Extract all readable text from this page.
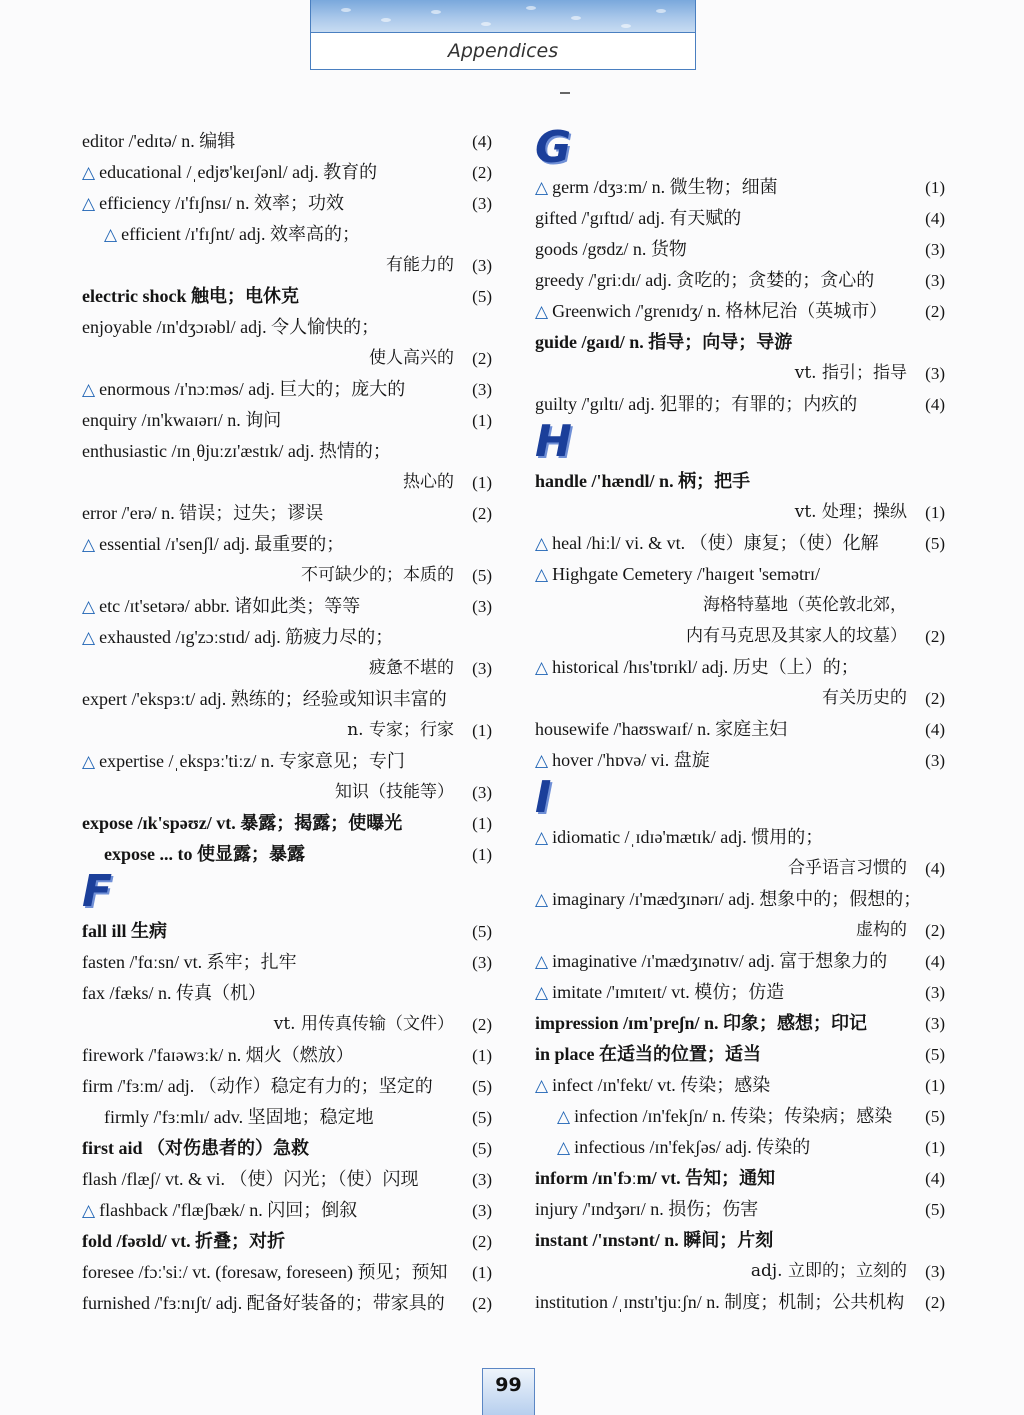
Appendices
editor /'edɪtə/ n. 编辑	(4)
△ educational /ˌedjʊ'keɪʃənl/ adj. 教育的	(2)
△ efficiency /ɪ'fɪʃnsɪ/ n. 效率；功效	(3)
△ efficient /ɪ'fɪʃnt/ adj. 效率高的；
有能力的	(3)
electric shock 触电；电休克	(5)
enjoyable /ɪn'dʒɔɪəbl/ adj. 令人愉快的；
使人高兴的	(2)
△ enormous /ɪ'nɔːməs/ adj. 巨大的；庞大的	(3)
enquiry /ɪn'kwaɪərɪ/ n. 询问	(1)
enthusiastic /ɪnˌθjuːzɪ'æstɪk/ adj. 热情的；
热心的	(1)
error /'erə/ n. 错误；过失；谬误	(2)
△ essential /ɪ'senʃl/ adj. 最重要的；
不可缺少的；本质的	(5)
△ etc /ɪt'setərə/ abbr. 诸如此类；等等	(3)
△ exhausted /ɪg'zɔːstɪd/ adj. 筋疲力尽的；
疲惫不堪的	(3)
expert /'ekspɜːt/ adj. 熟练的；经验或知识丰富的
n. 专家；行家	(1)
△ expertise /ˌekspɜː'tiːz/ n. 专家意见；专门
知识（技能等）	(3)
expose /ɪk'spəʊz/ vt. 暴露；揭露；使曝光	(1)
expose ... to 使显露；暴露	(1)
F
fall ill 生病	(5)
fasten /'fɑːsn/ vt. 系牢；扎牢	(3)
fax /fæks/ n. 传真（机）
vt. 用传真传输（文件）	(2)
firework /'faɪəwɜːk/ n. 烟火（燃放）	(1)
firm /'fɜːm/ adj. （动作）稳定有力的；坚定的	(5)
firmly /'fɜːmlɪ/ adv. 坚固地；稳定地	(5)
first aid （对伤患者的）急救	(5)
flash /flæʃ/ vt. & vi. （使）闪光；（使）闪现	(3)
△ flashback /'flæʃbæk/ n. 闪回；倒叙	(3)
fold /fəʊld/ vt. 折叠；对折	(2)
foresee /fɔː'siː/ vt. (foresaw, foreseen) 预见；预知	(1)
furnished /'fɜːnɪʃt/ adj. 配备好装备的；带家具的	(2)
G
△ germ /dʒɜːm/ n. 微生物；细菌	(1)
gifted /'gɪftɪd/ adj. 有天赋的	(4)
goods /gʊdz/ n. 货物	(3)
greedy /'griːdɪ/ adj. 贪吃的；贪婪的；贪心的	(3)
△ Greenwich /'grenɪdʒ/ n. 格林尼治（英城市）	(2)
guide /gaɪd/ n. 指导；向导；导游
vt. 指引；指导	(3)
guilty /'gɪltɪ/ adj. 犯罪的；有罪的；内疚的	(4)
H
handle /'hændl/ n. 柄；把手
vt. 处理；操纵	(1)
△ heal /hiːl/ vi. & vt. （使）康复；（使）化解	(5)
△ Highgate Cemetery /'haɪgeɪt 'semətrɪ/
海格特墓地（英伦敦北郊，
内有马克思及其家人的坟墓）	(2)
△ historical /hɪs'tɒrɪkl/ adj. 历史（上）的；
有关历史的	(2)
housewife /'haʊswaɪf/ n. 家庭主妇	(4)
△ hover /'hɒvə/ vi. 盘旋	(3)
I
△ idiomatic /ˌɪdɪə'mætɪk/ adj. 惯用的；
合乎语言习惯的	(4)
△ imaginary /ɪ'mædʒɪnərɪ/ adj. 想象中的；假想的；
虚构的	(2)
△ imaginative /ɪ'mædʒɪnətɪv/ adj. 富于想象力的	(4)
△ imitate /'ɪmɪteɪt/ vt. 模仿；仿造	(3)
impression /ɪm'preʃn/ n. 印象；感想；印记	(3)
in place 在适当的位置；适当	(5)
△ infect /ɪn'fekt/ vt. 传染；感染	(1)
△ infection /ɪn'fekʃn/ n. 传染；传染病；感染	(5)
△ infectious /ɪn'fekʃəs/ adj. 传染的	(1)
inform /ɪn'fɔːm/ vt. 告知；通知	(4)
injury /'ɪndʒərɪ/ n. 损伤；伤害	(5)
instant /'ɪnstənt/ n. 瞬间；片刻
adj. 立即的；立刻的	(3)
institution /ˌɪnstɪ'tjuːʃn/ n. 制度；机制；公共机构	(2)
99
